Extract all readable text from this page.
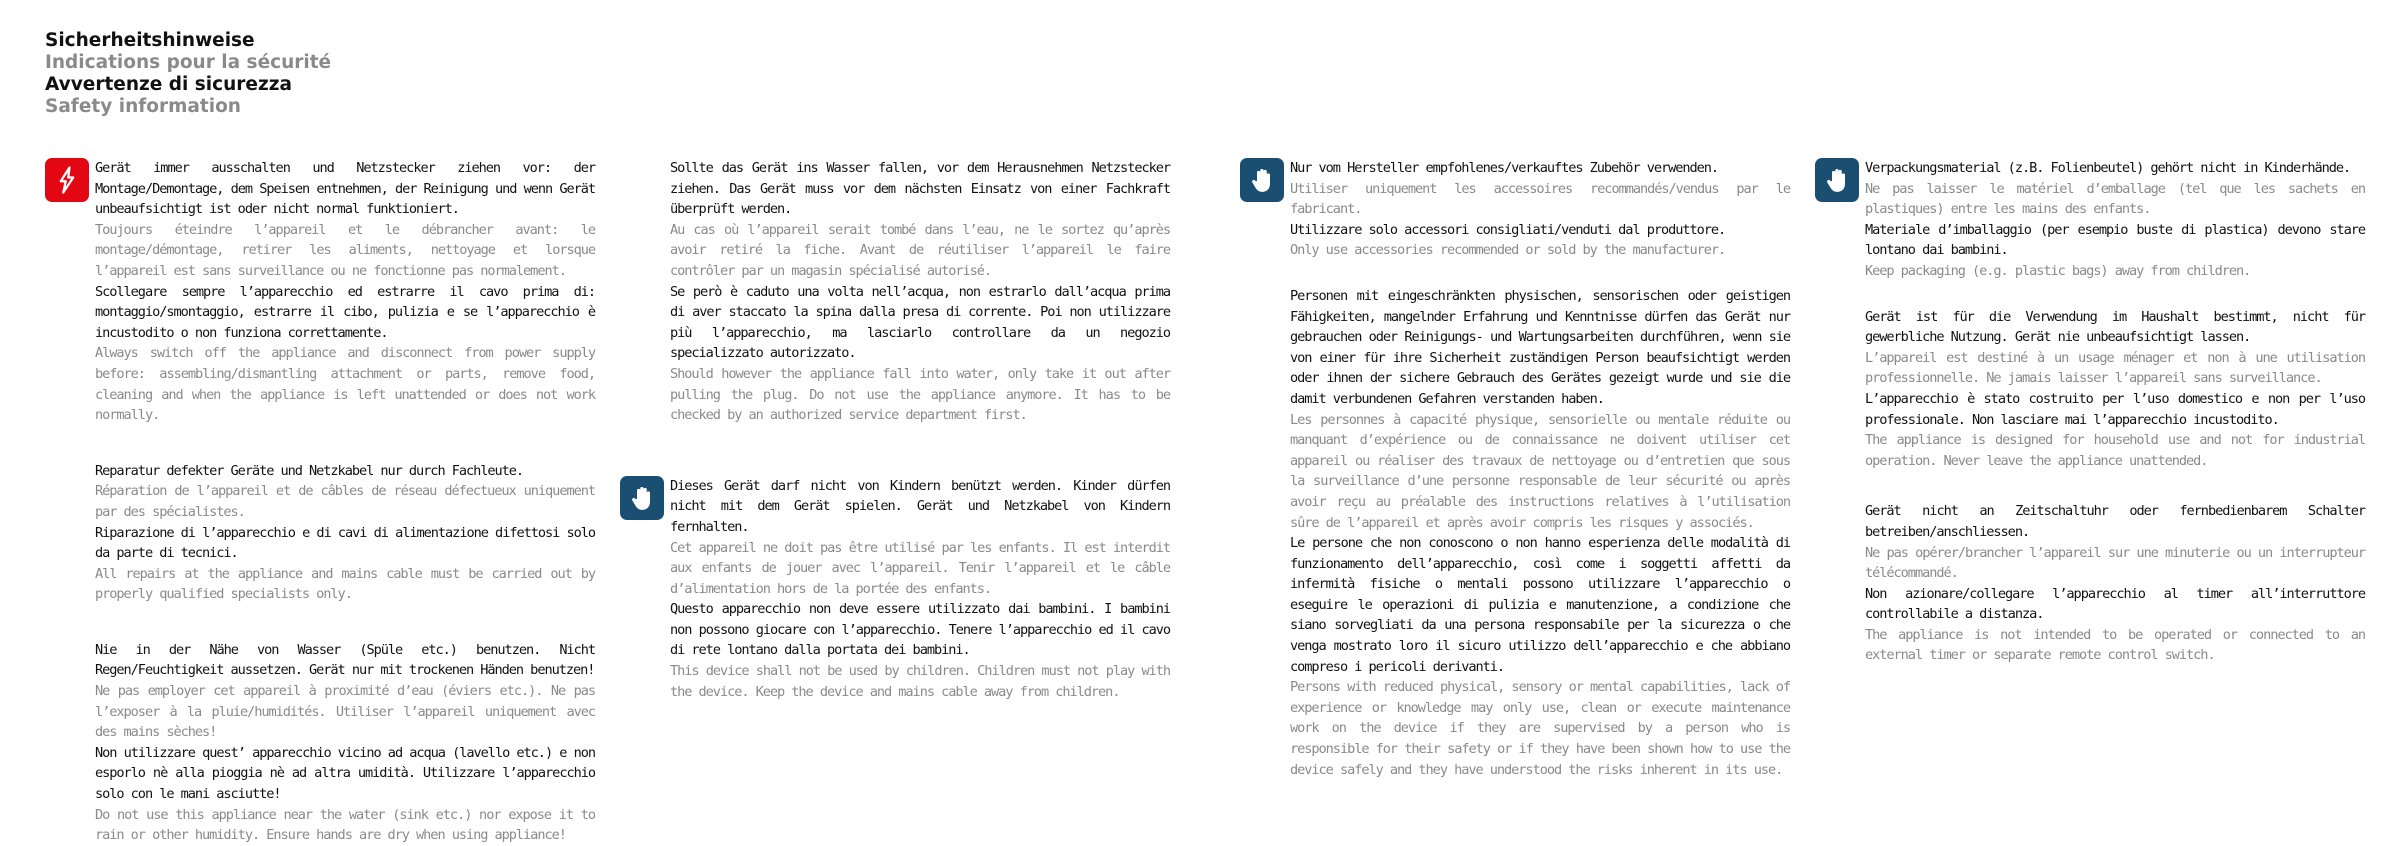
Sicherheitshinweise
Indications pour la sécurité
Avvertenze di sicurezza
Safety information

Gerät immer ausschalten und Netzstecker ziehen vor: der Montage/Demontage, dem Speisen entnehmen, der Reinigung und wenn Gerät unbeaufsichtigt ist oder nicht normal funktioniert.

Toujours éteindre l’appareil et le débrancher avant: le montage/démontage, retirer les aliments, nettoyage et lorsque l’appareil est sans surveillance ou ne fonctionne pas normalement.

Scollegare sempre l’apparecchio ed estrarre il cavo prima di: montaggio/smontaggio, estrarre il cibo, pulizia e se l’apparecchio è incustodito o non funziona correttamente.

Always switch off the appliance and disconnect from power supply before: assembling/dismantling attachment or parts, remove food, cleaning and when the appliance is left unattended or does not work normally.

Reparatur defekter Geräte und Netzkabel nur durch Fachleute.

Réparation de l’appareil et de câbles de réseau défectueux uniquement par des spécialistes.

Riparazione di l’apparecchio e di cavi di alimentazione difettosi solo da parte di tecnici.

All repairs at the appliance and mains cable must be carried out by properly qualified specialists only.

Nie in der Nähe von Wasser (Spüle etc.) benutzen. Nicht Regen/Feuchtigkeit aussetzen. Gerät nur mit trockenen Händen benutzen!

Ne pas employer cet appareil à proximité d’eau (éviers etc.). Ne pas l’exposer à la pluie/humidités. Utiliser l’appareil uniquement avec des mains sèches!

Non utilizzare quest’ apparecchio vicino ad acqua (lavello etc.) e non esporlo nè alla pioggia nè ad altra umidità. Utilizzare l’apparecchio solo con le mani asciutte!

Do not use this appliance near the water (sink etc.) nor expose it to rain or other humidity. Ensure hands are dry when using appliance!

Sollte das Gerät ins Wasser fallen, vor dem Herausnehmen Netzstecker ziehen. Das Gerät muss vor dem nächsten Einsatz von einer Fachkraft überprüft werden.

Au cas où l’appareil serait tombé dans l’eau, ne le sortez qu’après avoir retiré la fiche. Avant de réutiliser l’appareil le faire contrôler par un magasin spécialisé autorisé.

Se però è caduto una volta nell’acqua, non estrarlo dall’acqua prima di aver staccato la spina dalla presa di corrente. Poi non utilizzare più l’apparecchio, ma lasciarlo controllare da un negozio specializzato autorizzato.

Should however the appliance fall into water, only take it out after pulling the plug. Do not use the appliance anymore. It has to be checked by an authorized service department first.

Dieses Gerät darf nicht von Kindern benützt werden. Kinder dürfen nicht mit dem Gerät spielen. Gerät und Netzkabel von Kindern fernhalten.

Cet appareil ne doit pas être utilisé par les enfants. Il est interdit aux enfants de jouer avec l’appareil. Tenir l’appareil et le câble d’alimentation hors de la portée des enfants.

Questo apparecchio non deve essere utilizzato dai bambini. I bambini non possono giocare con l’apparecchio. Tenere l’apparecchio ed il cavo di rete lontano dalla portata dei bambini.

This device shall not be used by children. Children must not play with the device. Keep the device and mains cable away from children.

Nur vom Hersteller empfohlenes/verkauftes Zubehör verwenden.

Utiliser uniquement les accessoires recommandés/vendus par le fabricant.

Utilizzare solo accessori consigliati/venduti dal produttore.

Only use accessories recommended or sold by the manufacturer.

Personen mit eingeschränkten physischen, sensorischen oder geistigen Fähigkeiten, mangelnder Erfahrung und Kenntnisse dürfen das Gerät nur gebrauchen oder Reinigungs- und Wartungsarbeiten durchführen, wenn sie von einer für ihre Sicherheit zuständigen Person beaufsichtigt werden oder ihnen der sichere Gebrauch des Gerätes gezeigt wurde und sie die damit verbundenen Gefahren verstanden haben.

Les personnes à capacité physique, sensorielle ou mentale réduite ou manquant d’expérience ou de connaissance ne doivent utiliser cet appareil ou réaliser des travaux de nettoyage ou d’entretien que sous la surveillance d’une personne responsable de leur sécurité ou après avoir reçu au préalable des instructions relatives à l’utilisation sûre de l’appareil et après avoir compris les risques y associés.

Le persone che non conoscono o non hanno esperienza delle modalità di funzionamento dell’apparecchio, così come i soggetti affetti da infermità fisiche o mentali possono utilizzare l’apparecchio o eseguire le operazioni di pulizia e manutenzione, a condizione che siano sorvegliati da una persona responsabile per la sicurezza o che venga mostrato loro il sicuro utilizzo dell’apparecchio e che abbiano compreso i pericoli derivanti.

Persons with reduced physical, sensory or mental capabilities, lack of experience or knowledge may only use, clean or execute maintenance work on the device if they are supervised by a person who is responsible for their safety or if they have been shown how to use the device safely and they have understood the risks inherent in its use.

Verpackungsmaterial (z.B. Folienbeutel) gehört nicht in Kinderhände.

Ne pas laisser le matériel d’emballage (tel que les sachets en plastiques) entre les mains des enfants.

Materiale d’imballaggio (per esempio buste di plastica) devono stare lontano dai bambini.

Keep packaging (e.g. plastic bags) away from children.

Gerät ist für die Verwendung im Haushalt bestimmt, nicht für gewerbliche Nutzung. Gerät nie unbeaufsichtigt lassen.

L’appareil est destiné à un usage ménager et non à une utilisation professionnelle. Ne jamais laisser l’appareil sans surveillance.

L’apparecchio è stato costruito per l’uso domestico e non per l’uso professionale. Non lasciare mai l’apparecchio incustodito.

The appliance is designed for household use and not for industrial operation. Never leave the appliance unattended.

Gerät nicht an Zeitschaltuhr oder fernbedienbarem Schalter betreiben/anschliessen.

Ne pas opérer/brancher l’appareil sur une minuterie ou un interrupteur télécommandé.

Non azionare/collegare l’apparecchio al timer all’interruttore controllabile a distanza.

The appliance is not intended to be operated or connected to an external timer or separate remote control switch.
